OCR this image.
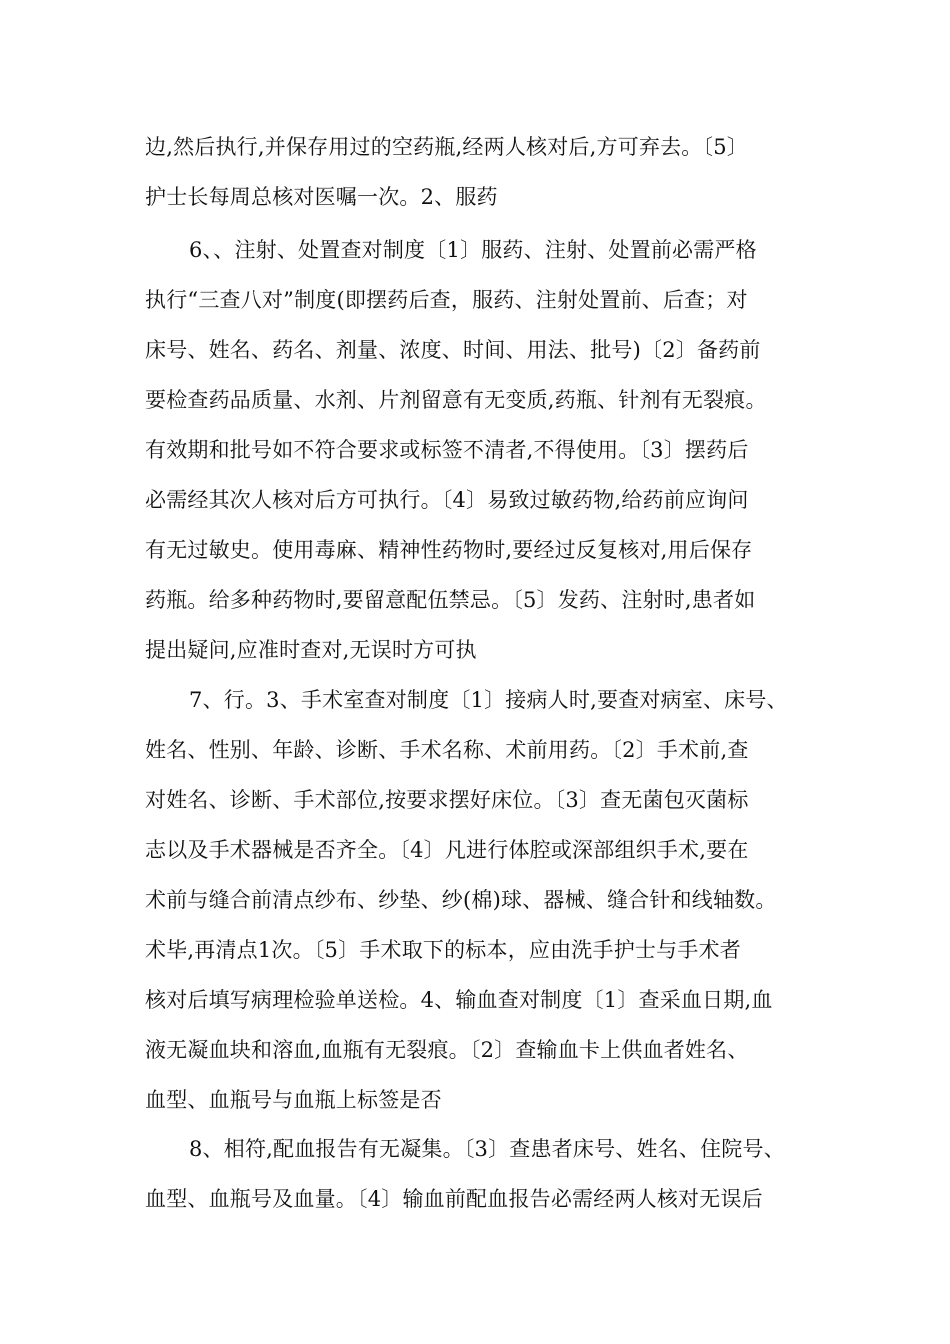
边,然后执行,并保存用过的空药瓶,经两人核对后,方可弃去。〔5〕
护士长每周总核对医嘱一次。2、服药
6、、注射、处置查对制度〔1〕服药、注射、处置前必需严格
执行“三查八对”制度(即摆药后查，服药、注射处置前、后查；对
床号、姓名、药名、剂量、浓度、时间、用法、批号)〔2〕备药前
要检查药品质量、水剂、片剂留意有无变质,药瓶、针剂有无裂痕。
有效期和批号如不符合要求或标签不清者,不得使用。〔3〕摆药后
必需经其次人核对后方可执行。〔4〕易致过敏药物,给药前应询问
有无过敏史。使用毒麻、精神性药物时,要经过反复核对,用后保存
药瓶。给多种药物时,要留意配伍禁忌。〔5〕发药、注射时,患者如
提出疑问,应准时查对,无误时方可执
7、行。3、手术室查对制度〔1〕接病人时,要查对病室、床号、
姓名、性别、年龄、诊断、手术名称、术前用药。〔2〕手术前,查
对姓名、诊断、手术部位,按要求摆好床位。〔3〕查无菌包灭菌标
志以及手术器械是否齐全。〔4〕凡进行体腔或深部组织手术,要在
术前与缝合前清点纱布、纱垫、纱(棉)球、器械、缝合针和线轴数。
术毕,再清点1次。〔5〕手术取下的标本，应由洗手护士与手术者
核对后填写病理检验单送检。4、输血查对制度〔1〕查采血日期,血
液无凝血块和溶血,血瓶有无裂痕。〔2〕查输血卡上供血者姓名、
血型、血瓶号与血瓶上标签是否
8、相符,配血报告有无凝集。〔3〕查患者床号、姓名、住院号、
血型、血瓶号及血量。〔4〕输血前配血报告必需经两人核对无误后
